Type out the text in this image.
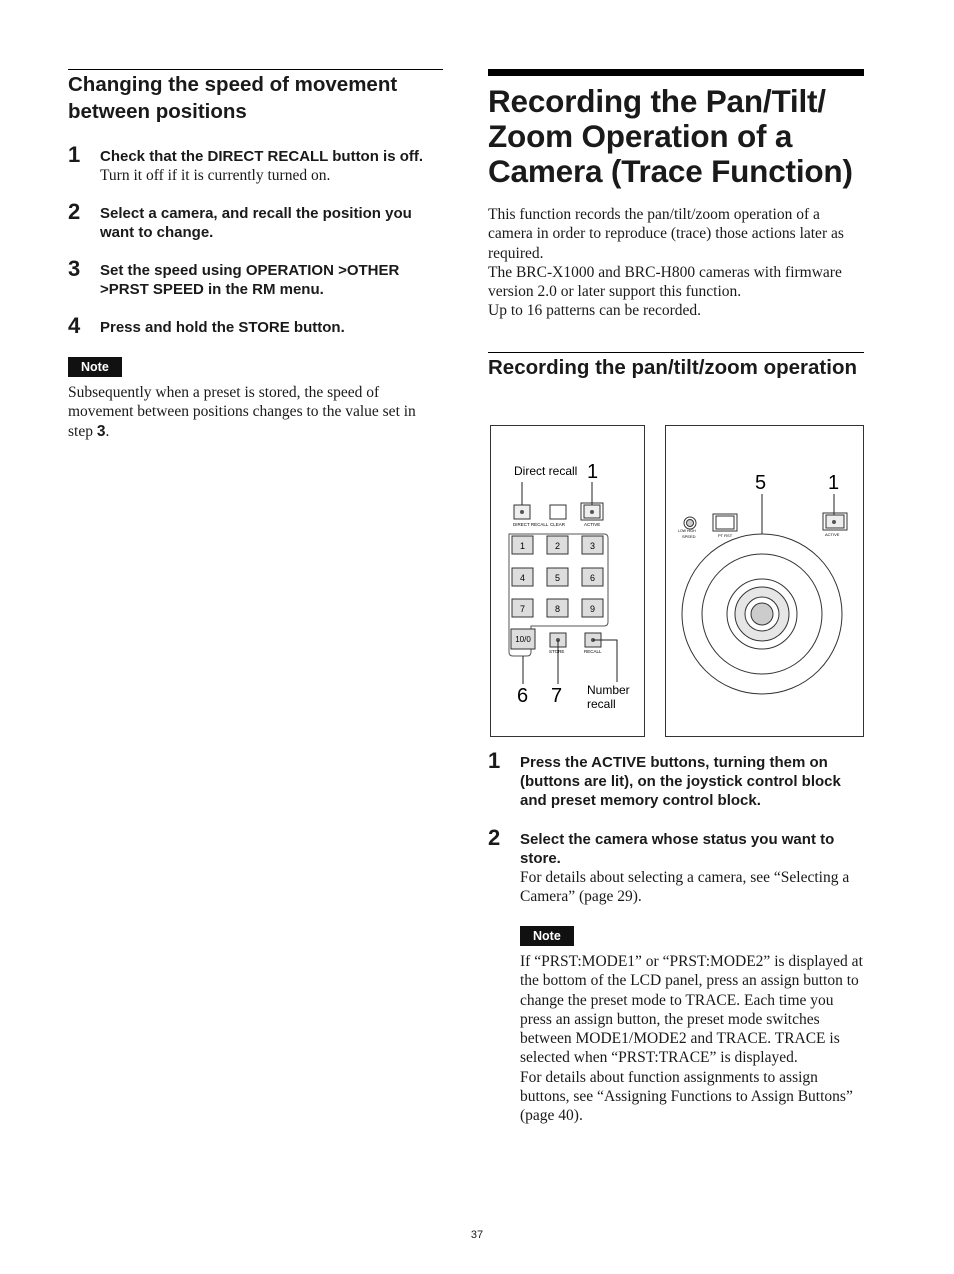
Changing the speed of movement between positions
1 Check that the DIRECT RECALL button is off.

Turn it off if it is currently turned on.

2 Select a camera, and recall the position you want to change.

3 Set the speed using OPERATION >OTHER >PRST SPEED in the RM menu.

4 Press and hold the STORE button.

Note

Subsequently when a preset is stored, the speed of movement between positions changes to the value set in step 3.

Recording the Pan/Tilt/ Zoom Operation of a Camera (Trace Function)

This function records the pan/tilt/zoom operation of a camera in order to reproduce (trace) those actions later as required.

The BRC-X1000 and BRC-H800 cameras with firmware version 2.0 or later support this function.

Up to 16 patterns can be recorded.

Recording the pan/tilt/zoom operation
Direct recall 1
DIRECT RECALL CLEAR	ACTIVE
1	2	3
4	5	6
7	8	9
10/0
STORE	RECALL
6 7 Number
recall
5	1
LOW HIGH
SPEED	PT RST	ACTIVE
1 Press the ACTIVE buttons, turning them on (buttons are lit), on the joystick control block and preset memory control block.

2 Select the camera whose status you want to store.

For details about selecting a camera, see “Selecting a Camera” (page 29).

Note

If “PRST:MODE1” or “PRST:MODE2” is displayed at the bottom of the LCD panel, press an assign button to change the preset mode to TRACE. Each time you press an assign button, the preset mode switches between MODE1/MODE2 and TRACE. TRACE is selected when “PRST:TRACE” is displayed.

For details about function assignments to assign buttons, see “Assigning Functions to Assign Buttons” (page 40).

37
